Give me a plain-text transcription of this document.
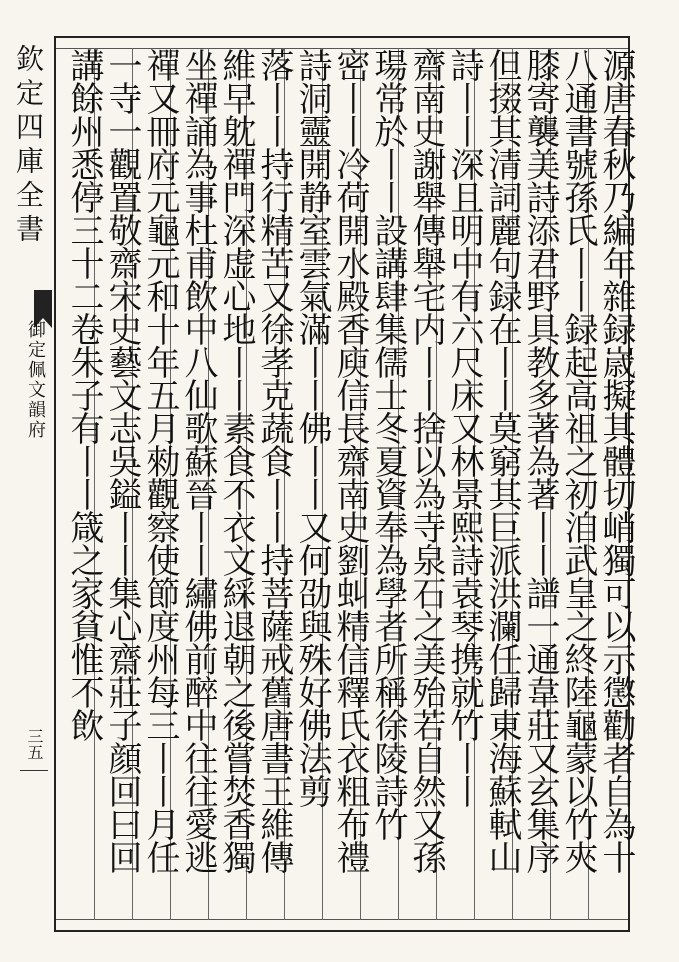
欽定四庫全書
御定佩文韻府
三五	源唐春秋乃編年雜録𡻕擬其體切峭獨可以示懲勸者自為十
八通書號孫氏丨丨録起高祖之初洎武皇之終陸龜蒙以竹夾
膝寄襲美詩添君野具教多著為著丨丨譜一通韋莊又玄集序
但掇其清詞麗句録在丨丨莫窮其巨派洪瀾任歸東海蘇軾山
詩丨丨深且明中有六尺床又林景熙詩袁琴携就竹丨丨
齋南史謝舉傳舉宅内丨丨捨以為寺泉石之美殆若自然又孫
瑒常於丨丨設講肆集儒士冬夏資奉為學者所稱徐陵詩竹
密丨丨冷荷開水殿香庾信長齋南史劉虯精信釋氏衣粗布禮
詩洞靈開静室雲氣滿丨丨佛丨丨又何劭與殊好佛法剪
落丨丨持行精苦又徐孝克蔬食丨丨持菩薩戒舊唐書王維傳
維早躭禪門深虚心地丨丨素食不衣文綵退朝之後嘗焚香獨
坐禪誦為事杜甫飲中八仙歌蘇晉丨丨繡佛前醉中往往愛逃
禪又冊府元龜元和十年五月勑觀察使節度州每三丨丨月任
一寺一觀置敬齋宋史藝文志吳鎰丨丨集心齋莊子顔回曰回
講餘州悉停三十二卷朱子有丨丨箴之家貧惟不飲
